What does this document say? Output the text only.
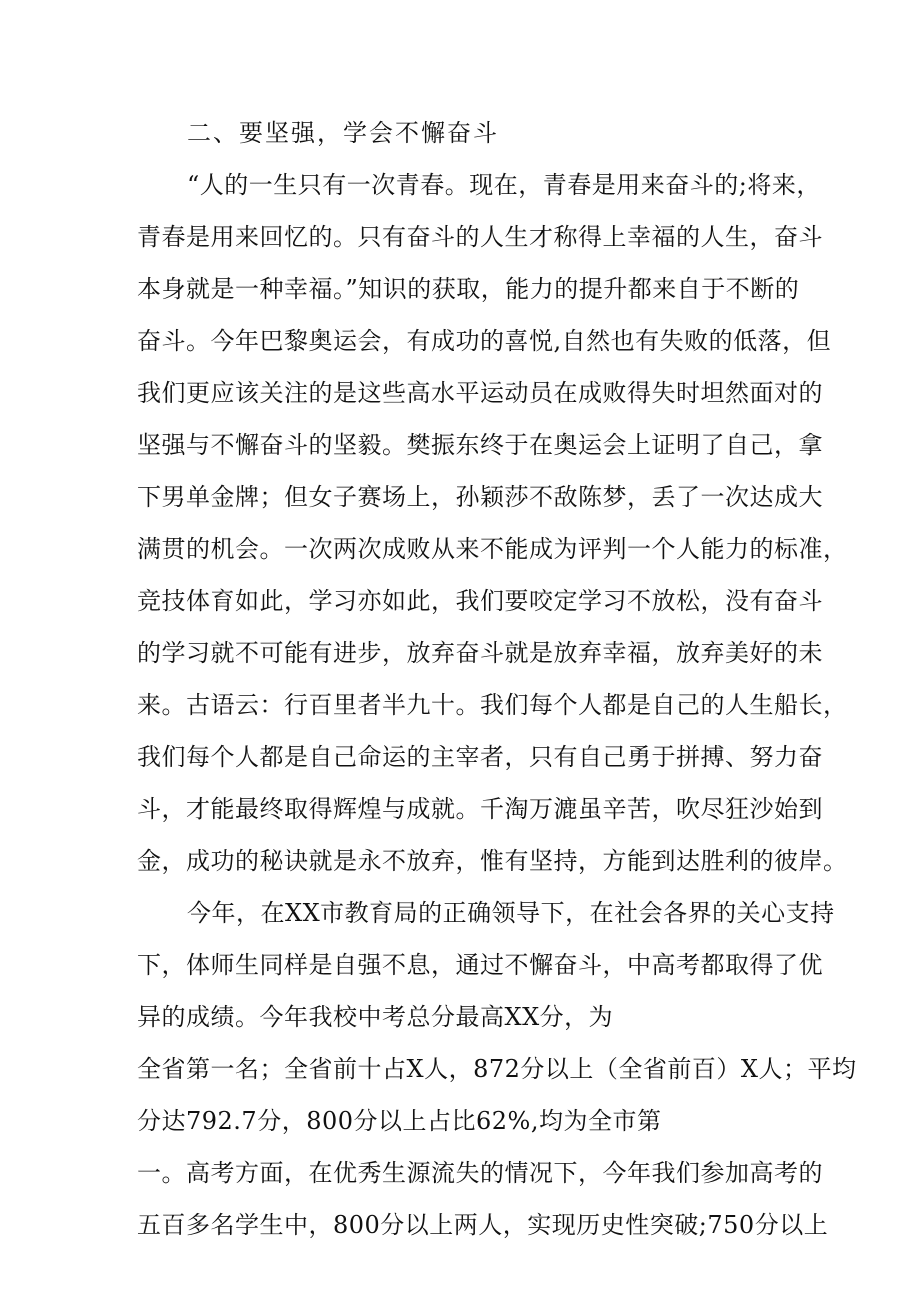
二、要坚强，学会不懈奋斗
“人的一生只有一次青春。现在，青春是用来奋斗的;将来，
青春是用来回忆的。只有奋斗的人生才称得上幸福的人生，奋斗
本身就是一种幸福。”知识的获取，能力的提升都来自于不断的
奋斗。今年巴黎奥运会，有成功的喜悦,自然也有失败的低落，但
我们更应该关注的是这些高水平运动员在成败得失时坦然面对的
坚强与不懈奋斗的坚毅。樊振东终于在奥运会上证明了自己，拿
下男单金牌；但女子赛场上，孙颖莎不敌陈梦，丢了一次达成大
满贯的机会。一次两次成败从来不能成为评判一个人能力的标准，
竞技体育如此，学习亦如此，我们要咬定学习不放松，没有奋斗
的学习就不可能有进步，放弃奋斗就是放弃幸福，放弃美好的未
来。古语云：行百里者半九十。我们每个人都是自己的人生船长，
我们每个人都是自己命运的主宰者，只有自己勇于拼搏、努力奋
斗，才能最终取得辉煌与成就。千淘万漉虽辛苦，吹尽狂沙始到
金，成功的秘诀就是永不放弃，惟有坚持，方能到达胜利的彼岸。
今年，在XX市教育局的正确领导下，在社会各界的关心支持
下，体师生同样是自强不息，通过不懈奋斗，中高考都取得了优
异的成绩。今年我校中考总分最高XX分，为
全省第一名；全省前十占X人，872分以上（全省前百）X人；平均
分达792.7分，800分以上占比62%,均为全市第
一。高考方面，在优秀生源流失的情况下，今年我们参加高考的
五百多名学生中，800分以上两人，实现历史性突破;750分以上
